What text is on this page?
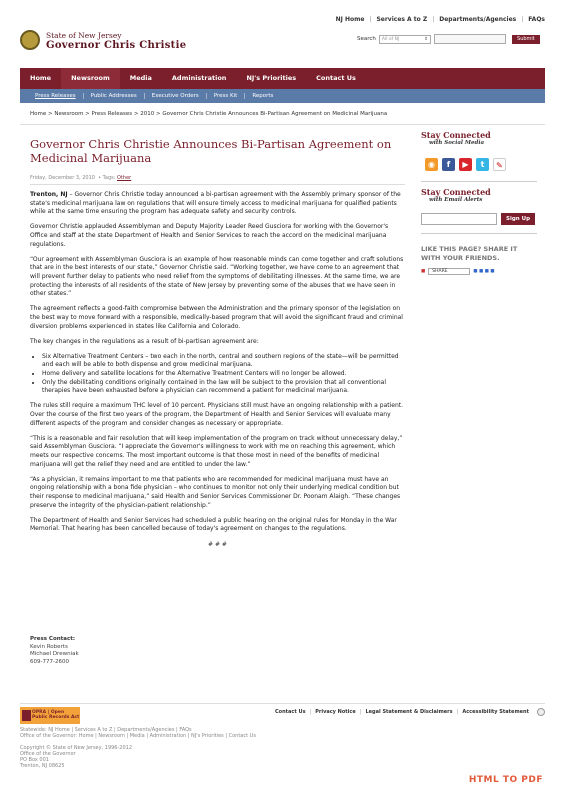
NJ Home | Services A to Z | Departments/Agencies | FAQs
State of New Jersey
Governor Chris Christie
Search	All of NJ	⇕	Submit
Home	Newsroom	Media	Administration	NJ's Priorities	Contact Us
Press Releases	Public Addresses	Executive Orders	Press Kit	Reports
Home > Newsroom > Press Releases > 2010 > Governor Chris Christie Announces Bi-Partisan Agreement on Medicinal Marijuana
Governor Chris Christie Announces Bi-Partisan Agreement on Medicinal Marijuana
Friday, December 3, 2010  • Tags: Other

Trenton, NJ – Governor Chris Christie today announced a bi-partisan agreement with the Assembly primary sponsor of the state's medicinal marijuana law on regulations that will ensure timely access to medicinal marijuana for qualified patients while at the same time ensuring the program has adequate safety and security controls.

Governor Christie applauded Assemblyman and Deputy Majority Leader Reed Gusciora for working with the Governor's Office and staff at the state Department of Health and Senior Services to reach the accord on the medicinal marijuana regulations.

“Our agreement with Assemblyman Gusciora is an example of how reasonable minds can come together and craft solutions that are in the best interests of our state,” Governor Christie said. “Working together, we have come to an agreement that will prevent further delay to patients who need relief from the symptoms of debilitating illnesses. At the same time, we are protecting the interests of all residents of the state of New Jersey by preventing some of the abuses that we have seen in other states.”

The agreement reflects a good-faith compromise between the Administration and the primary sponsor of the legislation on the best way to move forward with a responsible, medically-based program that will avoid the significant fraud and criminal diversion problems experienced in states like California and Colorado.

The key changes in the regulations as a result of bi-partisan agreement are:

• Six Alternative Treatment Centers – two each in the north, central and southern regions of the state—will be permitted and each will be able to both dispense and grow medicinal marijuana.
• Home delivery and satellite locations for the Alternative Treatment Centers will no longer be allowed.
• Only the debilitating conditions originally contained in the law will be subject to the provision that all conventional therapies have been exhausted before a physician can recommend a patient for medicinal marijuana.

The rules still require a maximum THC level of 10 percent. Physicians still must have an ongoing relationship with a patient. Over the course of the first two years of the program, the Department of Health and Senior Services will evaluate many different aspects of the program and consider changes as necessary or appropriate.

“This is a reasonable and fair resolution that will keep implementation of the program on track without unnecessary delay,” said Assemblyman Gusciora. “I appreciate the Governor's willingness to work with me on reaching this agreement, which meets our respective concerns. The most important outcome is that those most in need of the benefits of medicinal marijuana will get the relief they need and are entitled to under the law.”

“As a physician, it remains important to me that patients who are recommended for medicinal marijuana must have an ongoing relationship with a bona fide physician – who continues to monitor not only their underlying medical condition but their response to medicinal marijuana,” said Health and Senior Services Commissioner Dr. Poonam Alaigh. “These changes preserve the integrity of the physician-patient relationship.”

The Department of Health and Senior Services had scheduled a public hearing on the original rules for Monday in the War Memorial. That hearing has been cancelled because of today's agreement on changes to the regulations.

# # #
Press Contact:
Kevin Roberts
Michael Drewniak
609-777-2600
Stay Connected
with Social Media
◉	f	▶	t	✎
Stay Connected
with Email Alerts
Sign Up
LIKE THIS PAGE? SHARE IT WITH YOUR FRIENDS.
■	SHARE	■ ■ ■ ■
OPRA | Open Public Records Act
Contact Us | Privacy Notice | Legal Statement & Disclaimers | Accessibility Statement
Statewide: NJ Home | Services A to Z | Departments/Agencies | FAQs
Office of the Governor: Home | Newsroom | Media | Administration | NJ's Priorities | Contact Us
Copyright © State of New Jersey, 1996-2012
Office of the Governor
PO Box 001
Trenton, NJ 08625
HTML TO PDF
